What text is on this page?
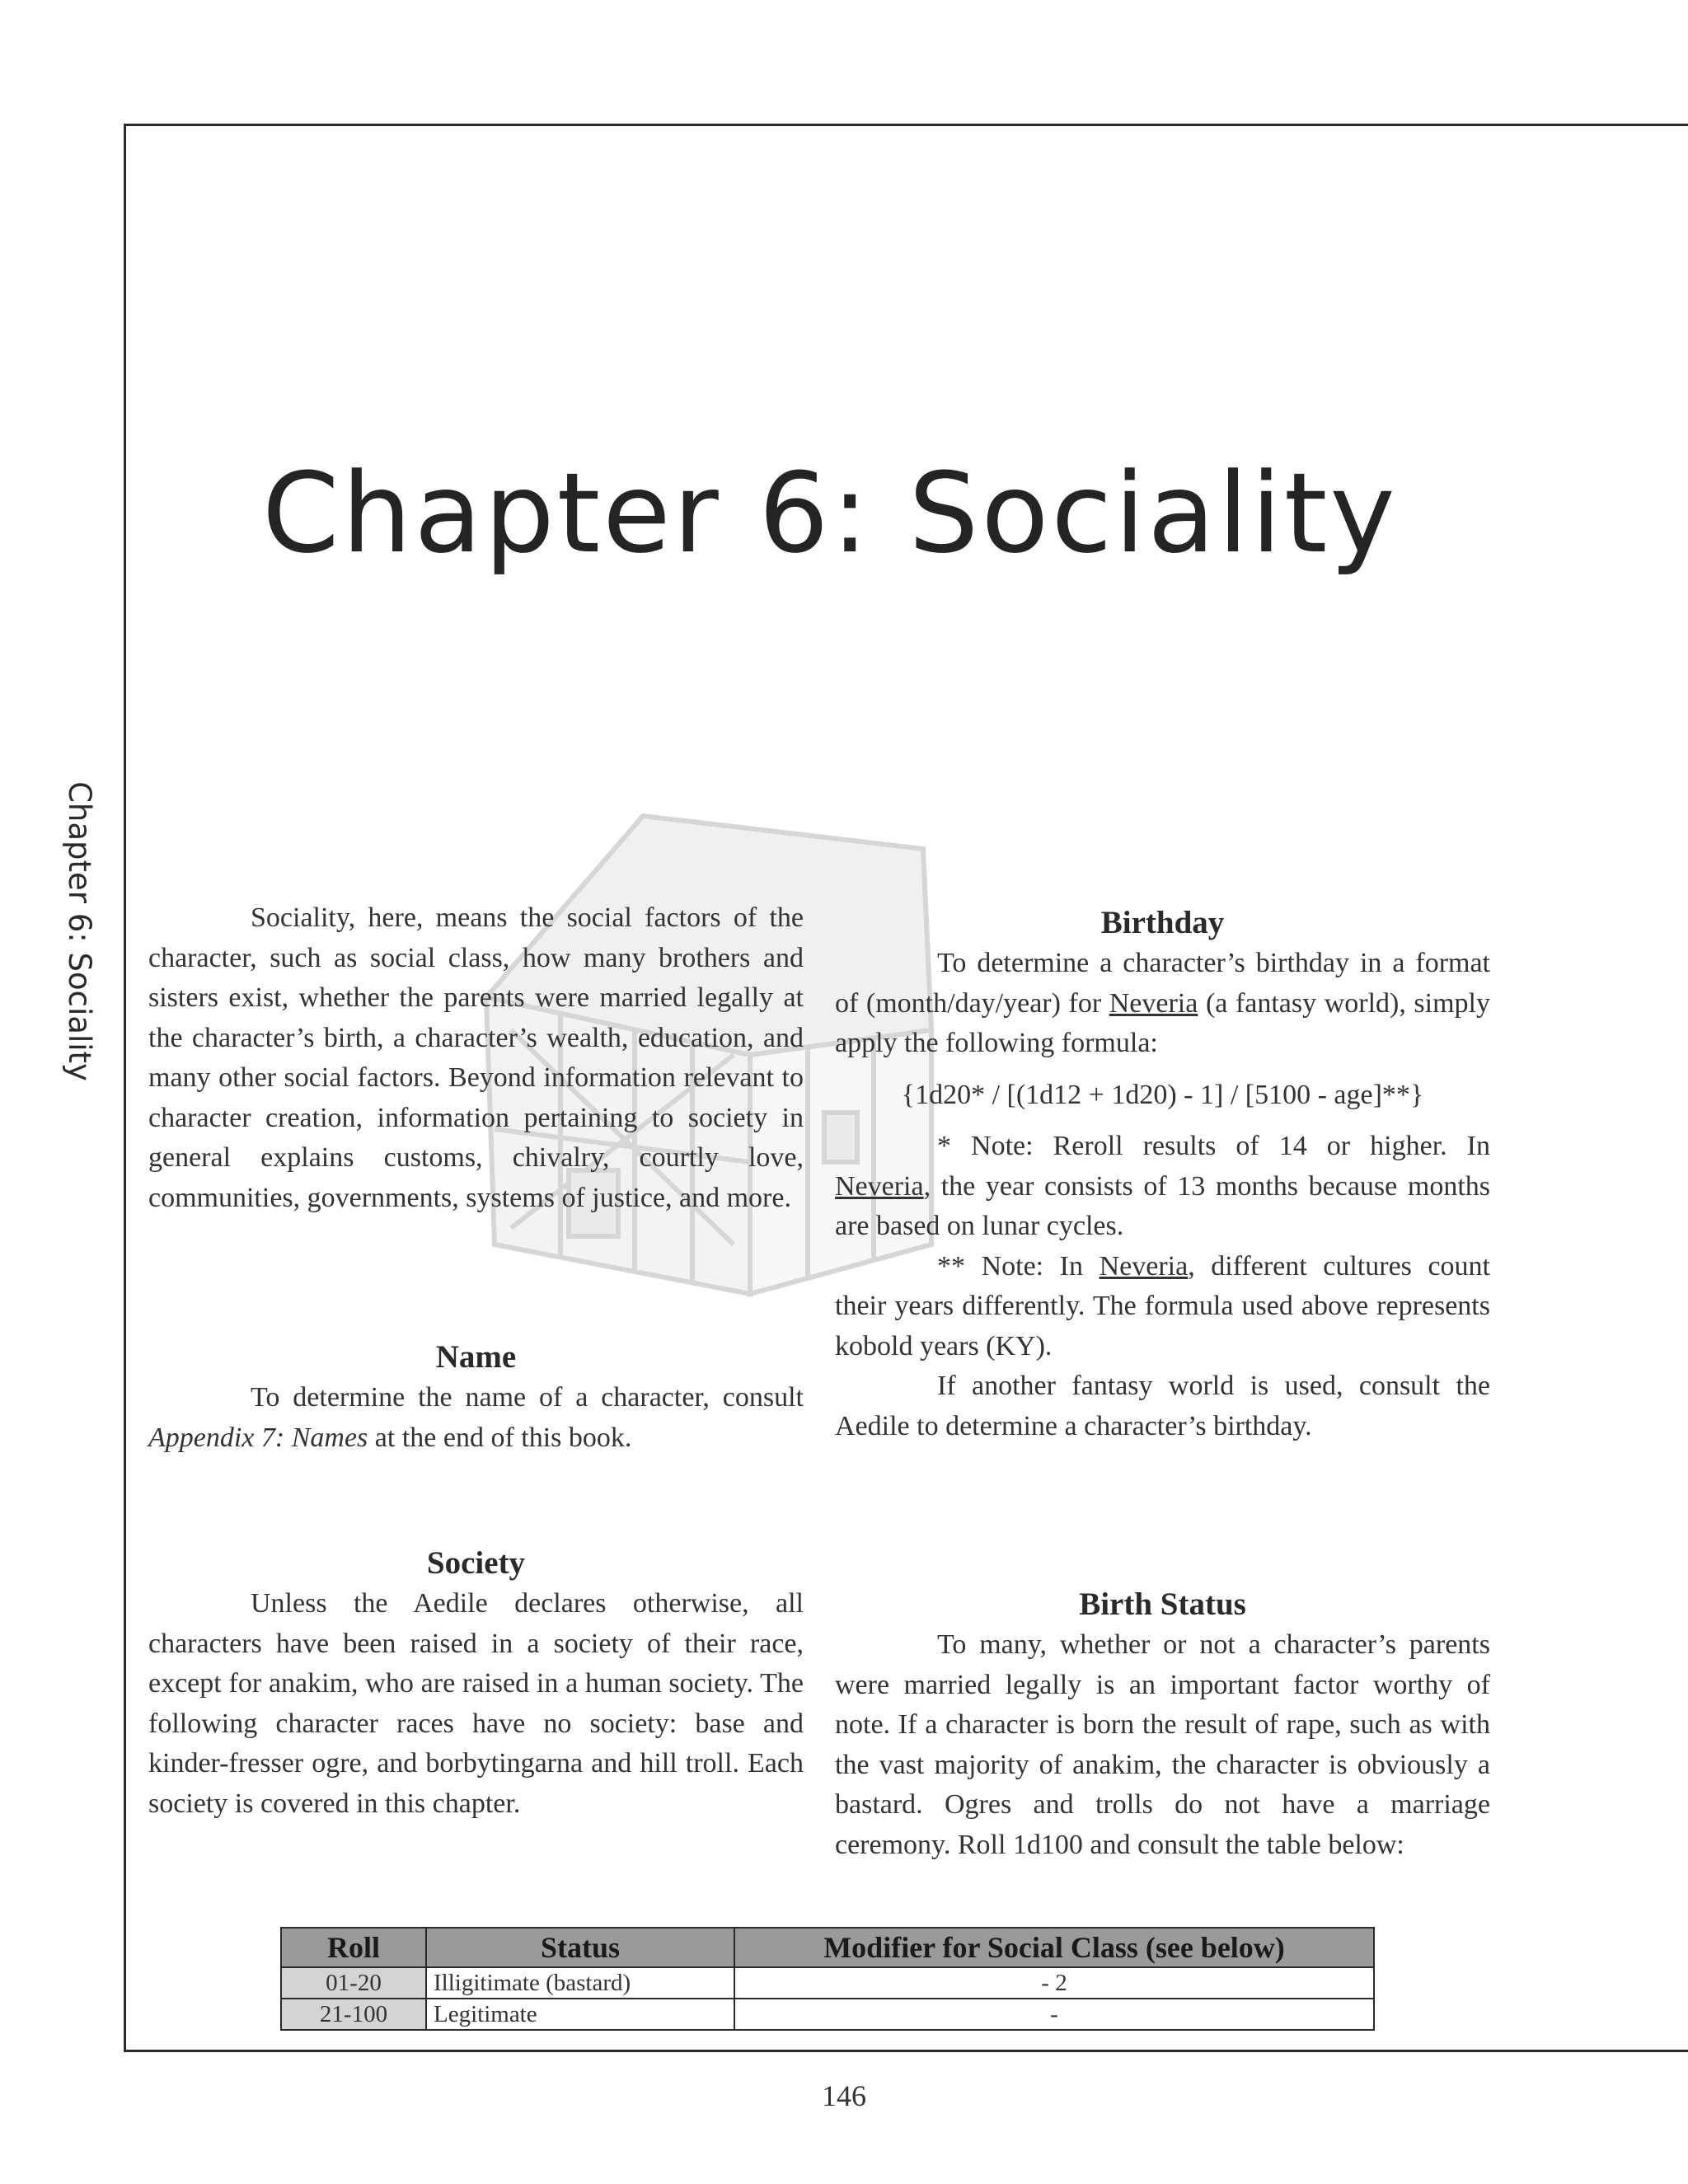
Chapter 6: Sociality
Chapter 6: Sociality	Sociality, here, means the social factors of the character, such as social class, how many brothers and sisters exist, whether the parents were married legally at the character’s birth, a character’s wealth, education, and many other social factors. Beyond information relevant to character creation, information pertaining to society in general explains customs, chivalry, courtly love, communities, governments, systems of justice, and more.

Name

To determine the name of a character, consult Appendix 7: Names at the end of this book.

Society

Unless the Aedile declares otherwise, all characters have been raised in a society of their race, except for anakim, who are raised in a human society. The following character races have no society: base and kinder-fresser ogre, and borbytingarna and hill troll. Each society is covered in this chapter.

Birthday

To determine a character’s birthday in a format of (month/day/year) for Neveria (a fantasy world), simply apply the following formula:

{1d20* / [(1d12 + 1d20) - 1] / [5100 - age]**}

* Note: Reroll results of 14 or higher. In Neveria, the year consists of 13 months because months are based on lunar cycles.

** Note: In Neveria, different cultures count their years differently. The formula used above represents kobold years (KY).

If another fantasy world is used, consult the Aedile to determine a character’s birthday.

Birth Status

To many, whether or not a character’s parents were married legally is an important factor worthy of note. If a character is born the result of rape, such as with the vast majority of anakim, the character is obviously a bastard. Ogres and trolls do not have a marriage ceremony. Roll 1d100 and consult the table below:

Roll	Status	Modifier for Social Class (see below)
01-20	Illigitimate (bastard)	- 2
21-100	Legitimate	-
146
